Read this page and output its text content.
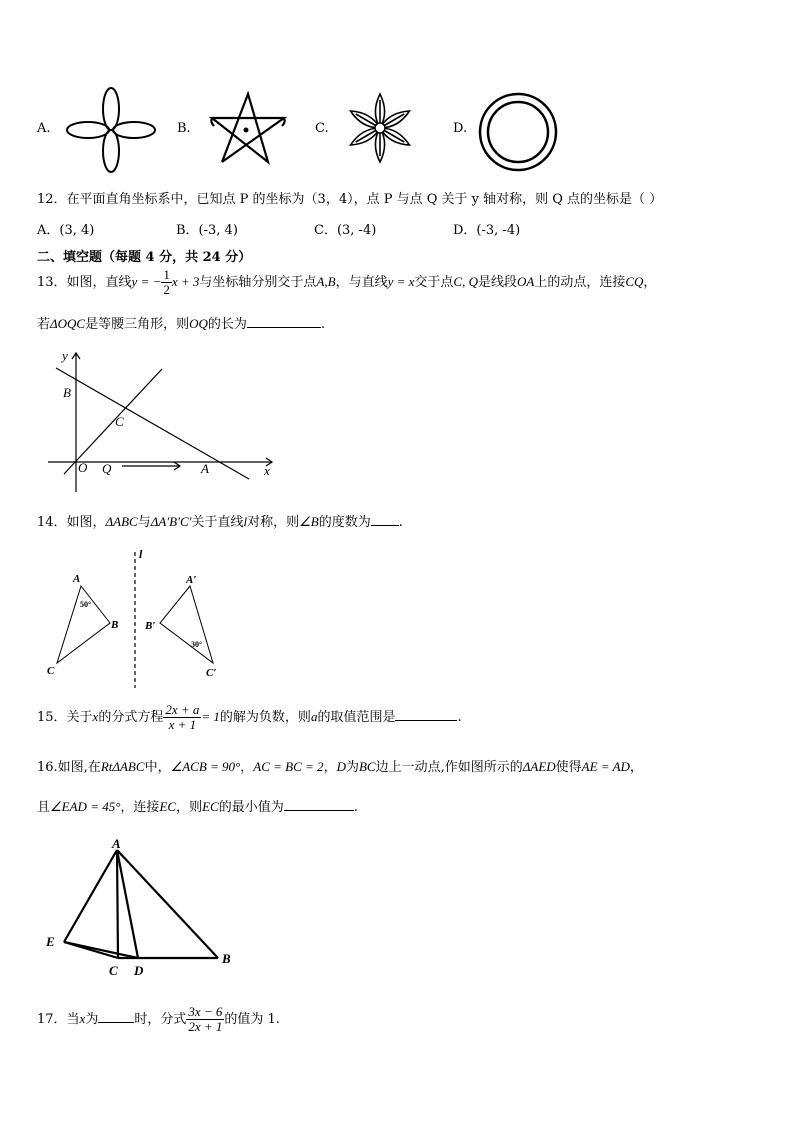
A.	B.	C.	D.
12．在平面直角坐标系中，已知点 P 的坐标为（3，4），点 P 与点 Q 关于 y 轴对称，则 Q 点的坐标是（ ）
A．(3, 4)	B．(-3, 4)	C．(3, -4)	D．(-3, -4)
二、填空题（每题 4 分，共 24 分）
13．如图，直线y = − $\frac{1}{2}$ x + 3与坐标轴分别交于点A,B，与直线y = x交于点C, Q是线段OA上的动点，连接CQ，
若ΔOQC是等腰三角形，则OQ的长为	.
y
x
B
C
O Q	A
14．如图，ΔABC与ΔA′B′C′关于直线l对称，则∠B的度数为 .
l
A
B
C
50°
A′
B′
C′
30°
15．关于x的分式方程 $\frac{2x + a}{x + 1} = 1$的解为负数，则a的取值范围是	.
16.如图,在RtΔABC中，∠ACB = 90°，AC = BC = 2，D为BC边上一动点,作如图所示的ΔAED使得AE = AD，
且∠EAD = 45°，连接EC，则EC的最小值为	.
A
E
C D
B
17．当x为	时，分式 $\frac{3x - 6}{2x + 1}$ 的值为 1.
